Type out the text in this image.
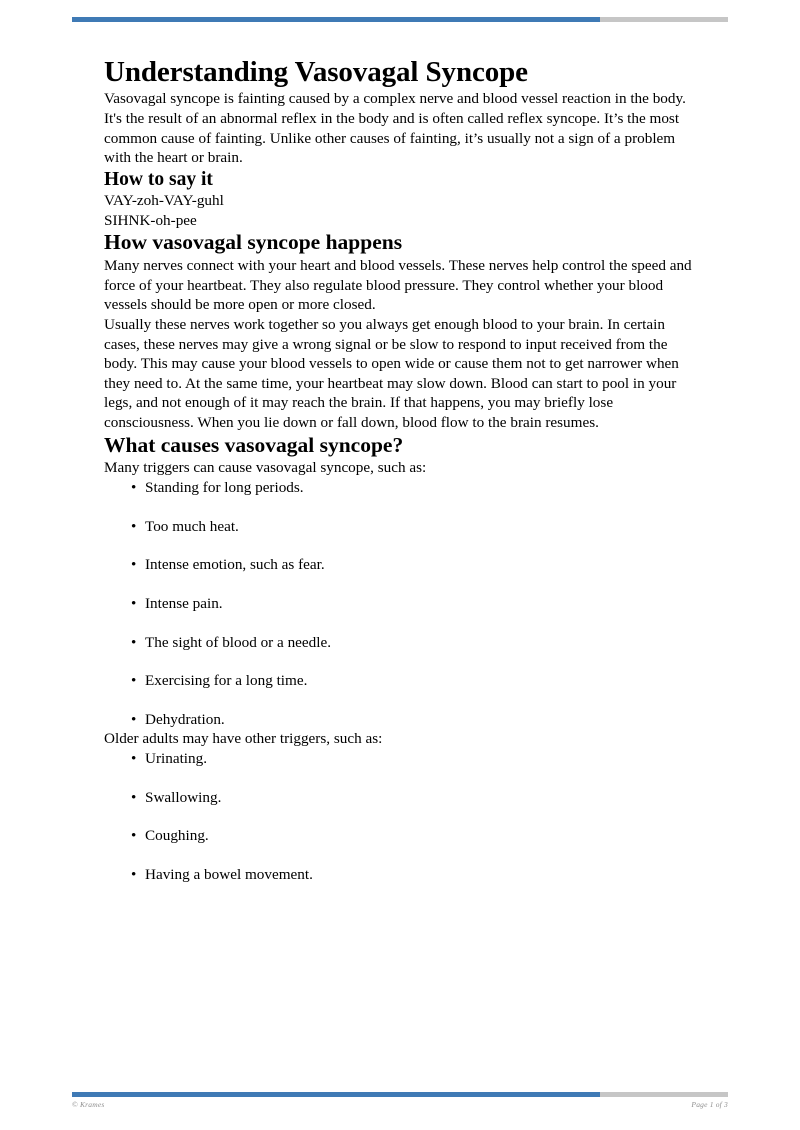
Understanding Vasovagal Syncope

Vasovagal syncope is fainting caused by a complex nerve and blood vessel reaction in the body. It's the result of an abnormal reflex in the body and is often called reflex syncope. It’s the most common cause of fainting. Unlike other causes of fainting, it’s usually not a sign of a problem with the heart or brain.

How to say it

VAY-zoh-VAY-guhl

SIHNK-oh-pee

How vasovagal syncope happens

Many nerves connect with your heart and blood vessels. These nerves help control the speed and force of your heartbeat. They also regulate blood pressure. They control whether your blood vessels should be more open or more closed.

Usually these nerves work together so you always get enough blood to your brain. In certain cases, these nerves may give a wrong signal or be slow to respond to input received from the body. This may cause your blood vessels to open wide or cause them not to get narrower when they need to. At the same time, your heartbeat may slow down. Blood can start to pool in your legs, and not enough of it may reach the brain. If that happens, you may briefly lose consciousness. When you lie down or fall down, blood flow to the brain resumes.

What causes vasovagal syncope?

Many triggers can cause vasovagal syncope, such as:

• Standing for long periods.
• Too much heat.
• Intense emotion, such as fear.
• Intense pain.
• The sight of blood or a needle.
• Exercising for a long time.
• Dehydration.

Older adults may have other triggers, such as:

• Urinating.
• Swallowing.
• Coughing.
• Having a bowel movement.
© Krames	Page 1 of 3
